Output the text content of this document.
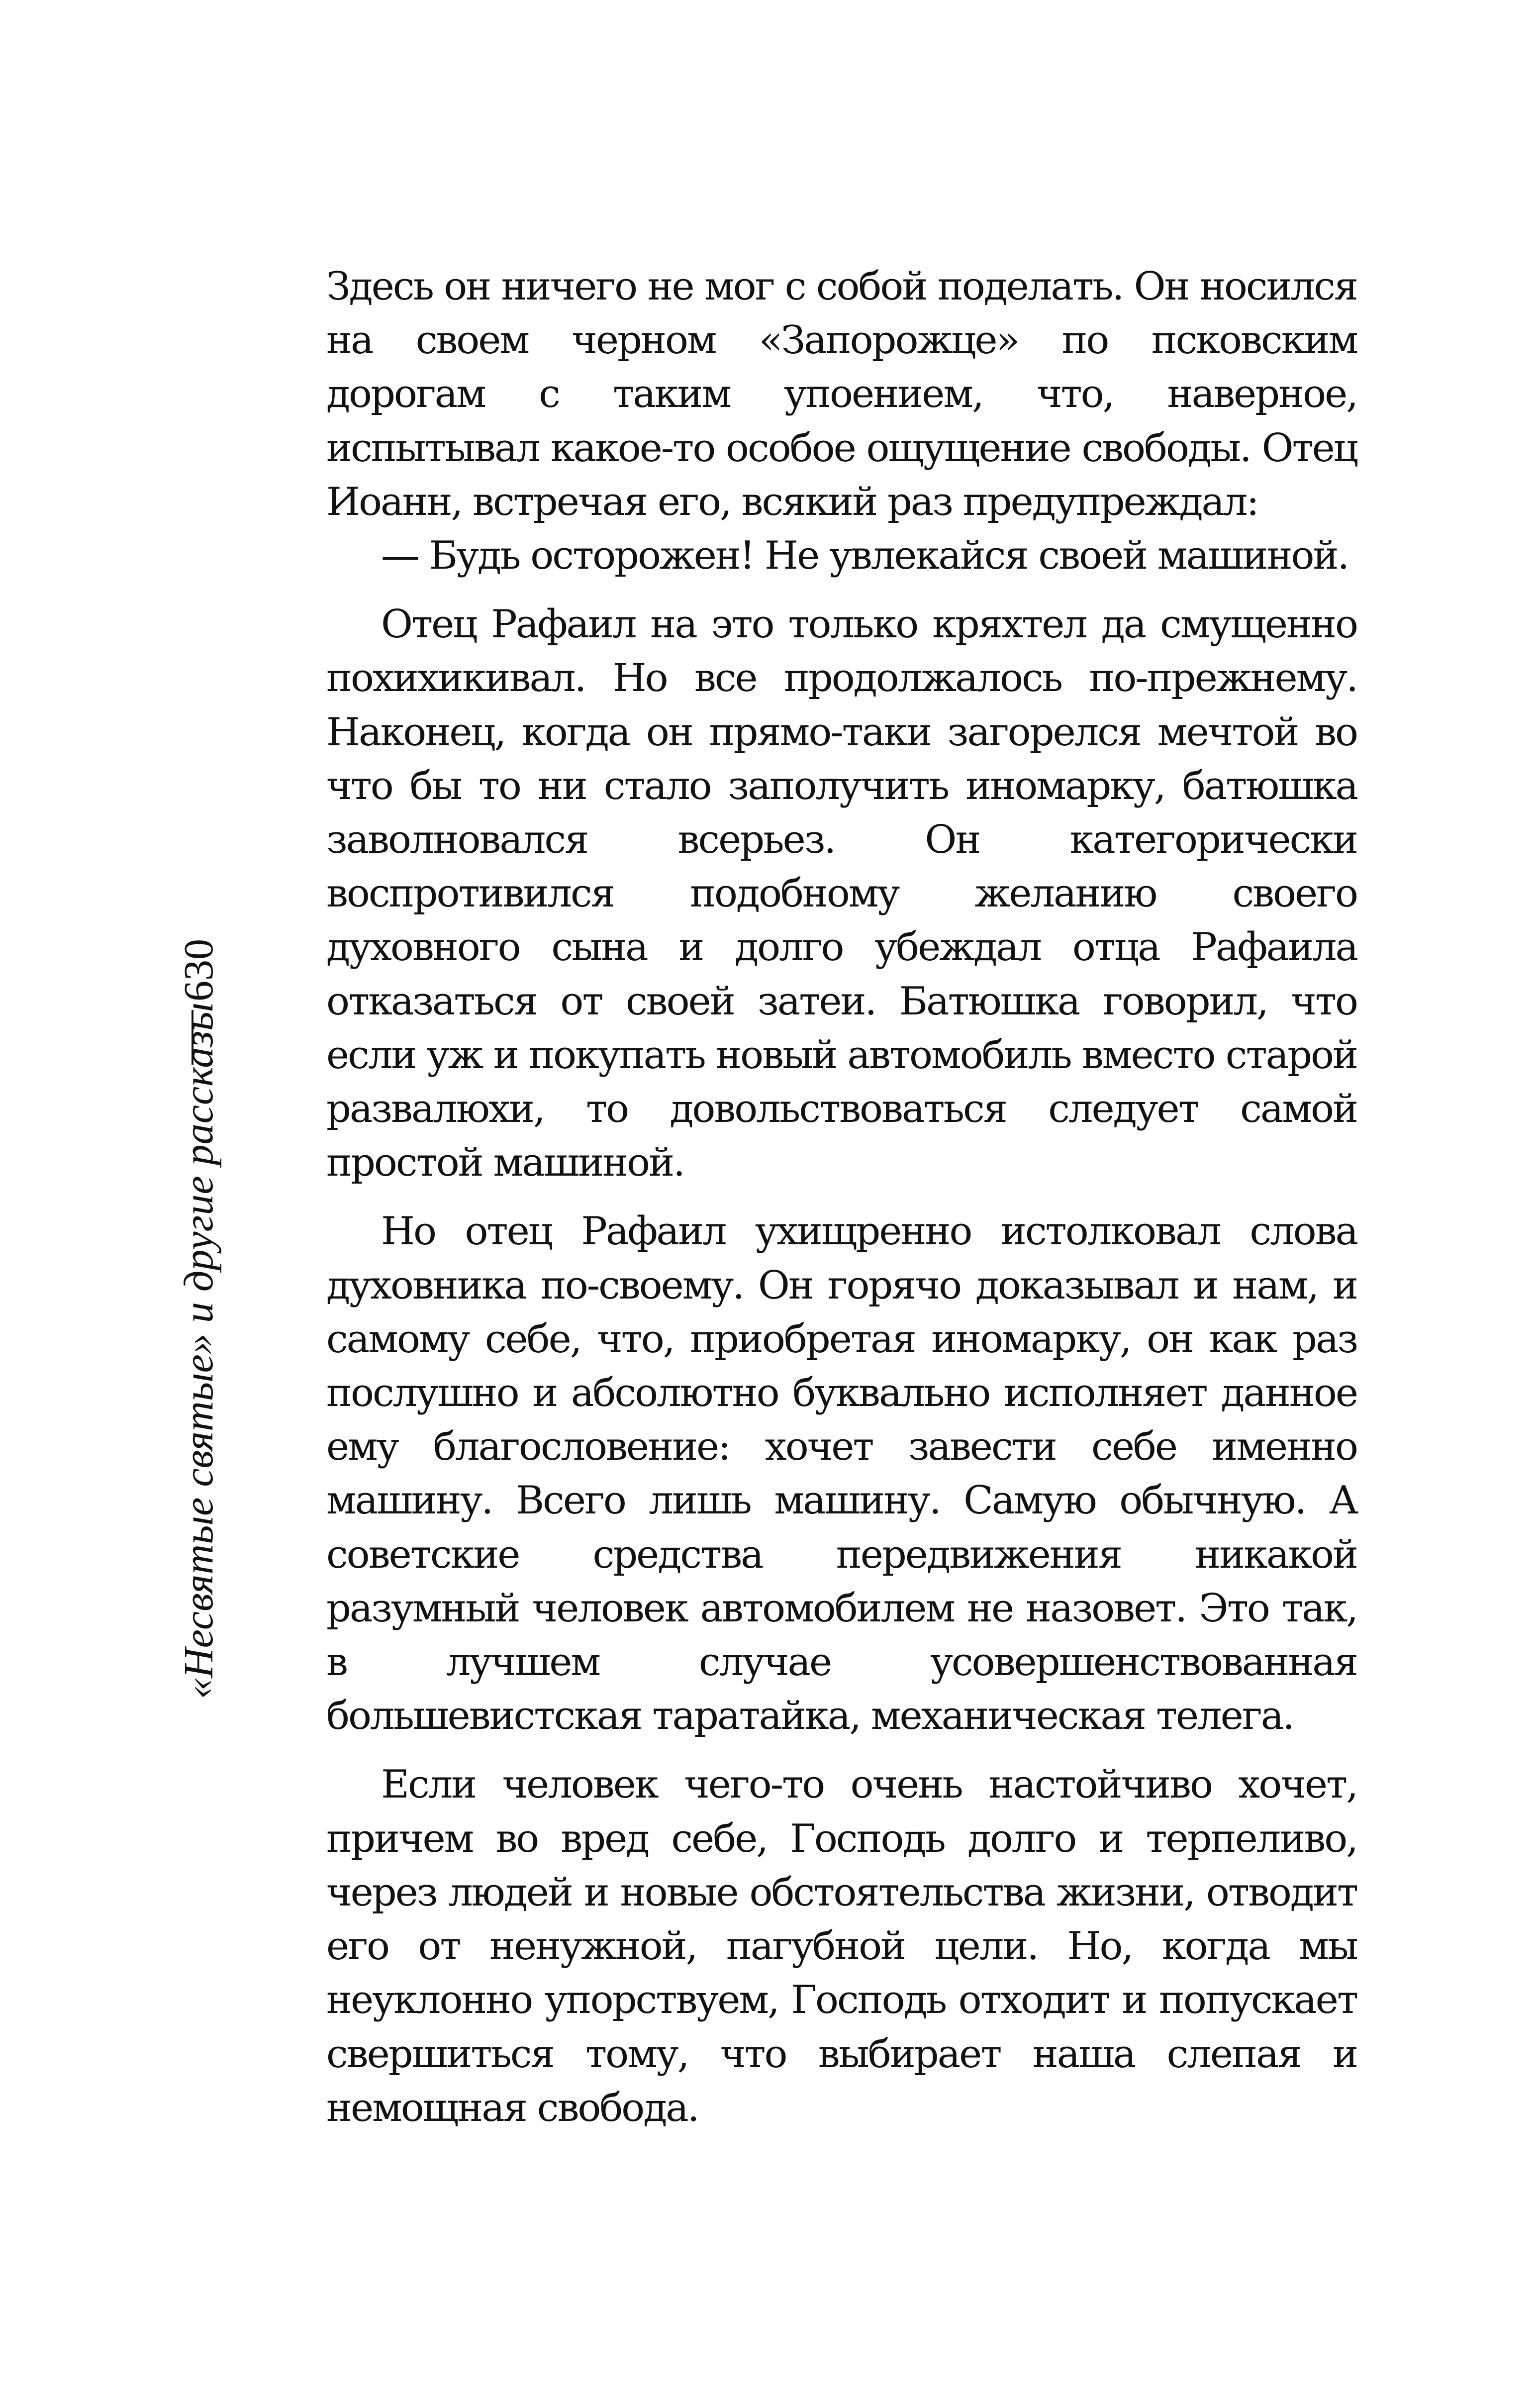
630
«Несвятые святые» и другие рассказы

Здесь он ничего не мог с собой поделать. Он носился на своем черном «Запорожце» по псковским дорогам с таким упоением, что, наверное, испытывал какое-то особое ощущение свободы. Отец Иоанн, встречая его, всякий раз предупреждал:

— Будь осторожен! Не увлекайся своей машиной.

Отец Рафаил на это только кряхтел да смущенно похихикивал. Но все продолжалось по-прежнему. Наконец, когда он прямо-таки загорелся мечтой во что бы то ни стало заполучить иномарку, батюшка заволновался всерьез. Он категорически воспротивился подобному желанию своего духовного сына и долго убеждал отца Рафаила отказаться от своей затеи. Батюшка говорил, что если уж и покупать новый автомобиль вместо старой развалюхи, то довольствоваться следует самой простой машиной.

Но отец Рафаил ухищренно истолковал слова духовника по-своему. Он горячо доказывал и нам, и самому себе, что, приобретая иномарку, он как раз послушно и абсолютно буквально исполняет данное ему благословение: хочет завести себе именно машину. Всего лишь машину. Самую обычную. А советские средства передвижения никакой разумный человек автомобилем не назовет. Это так, в лучшем случае усовершенствованная большевистская таратайка, механическая телега.

Если человек чего-то очень настойчиво хочет, причем во вред себе, Господь долго и терпеливо, через людей и новые обстоятельства жизни, отводит его от ненужной, пагубной цели. Но, когда мы неуклонно упорствуем, Господь отходит и попускает свершиться тому, что выбирает наша слепая и немощная свобода.
